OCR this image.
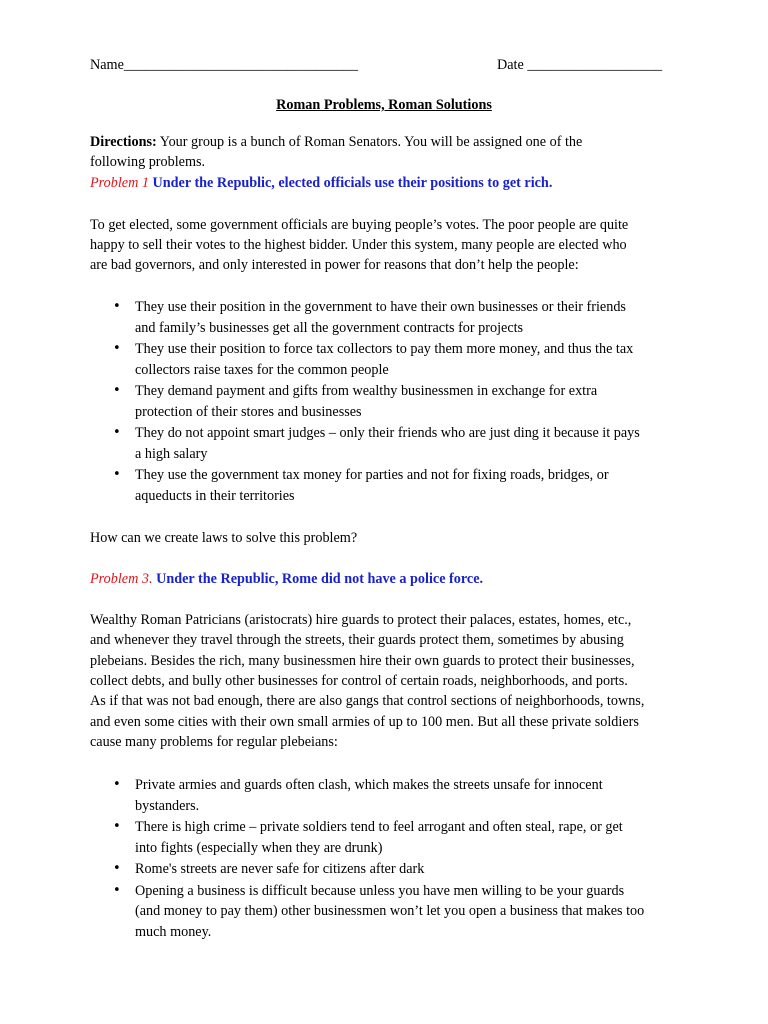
Name_________________________________	Date ___________________
Roman Problems, Roman Solutions
Directions: Your group is a bunch of Roman Senators. You will be assigned one of the
following problems.
Problem 1 Under the Republic, elected officials use their positions to get rich.
To get elected, some government officials are buying people’s votes. The poor people are quite
happy to sell their votes to the highest bidder. Under this system, many people are elected who
are bad governors, and only interested in power for reasons that don’t help the people:
• They use their position in the government to have their own businesses or their friends
and family’s businesses get all the government contracts for projects
• They use their position to force tax collectors to pay them more money, and thus the tax
collectors raise taxes for the common people
• They demand payment and gifts from wealthy businessmen in exchange for extra
protection of their stores and businesses
• They do not appoint smart judges – only their friends who are just ding it because it pays
a high salary
• They use the government tax money for parties and not for fixing roads, bridges, or
aqueducts in their territories
How can we create laws to solve this problem?
Problem 3. Under the Republic, Rome did not have a police force.
Wealthy Roman Patricians (aristocrats) hire guards to protect their palaces, estates, homes, etc.,
and whenever they travel through the streets, their guards protect them, sometimes by abusing
plebeians. Besides the rich, many businessmen hire their own guards to protect their businesses,
collect debts, and bully other businesses for control of certain roads, neighborhoods, and ports.
As if that was not bad enough, there are also gangs that control sections of neighborhoods, towns,
and even some cities with their own small armies of up to 100 men. But all these private soldiers
cause many problems for regular plebeians:
• Private armies and guards often clash, which makes the streets unsafe for innocent
bystanders.
• There is high crime – private soldiers tend to feel arrogant and often steal, rape, or get
into fights (especially when they are drunk)
• Rome's streets are never safe for citizens after dark
• Opening a business is difficult because unless you have men willing to be your guards
(and money to pay them) other businessmen won’t let you open a business that makes too
much money.
